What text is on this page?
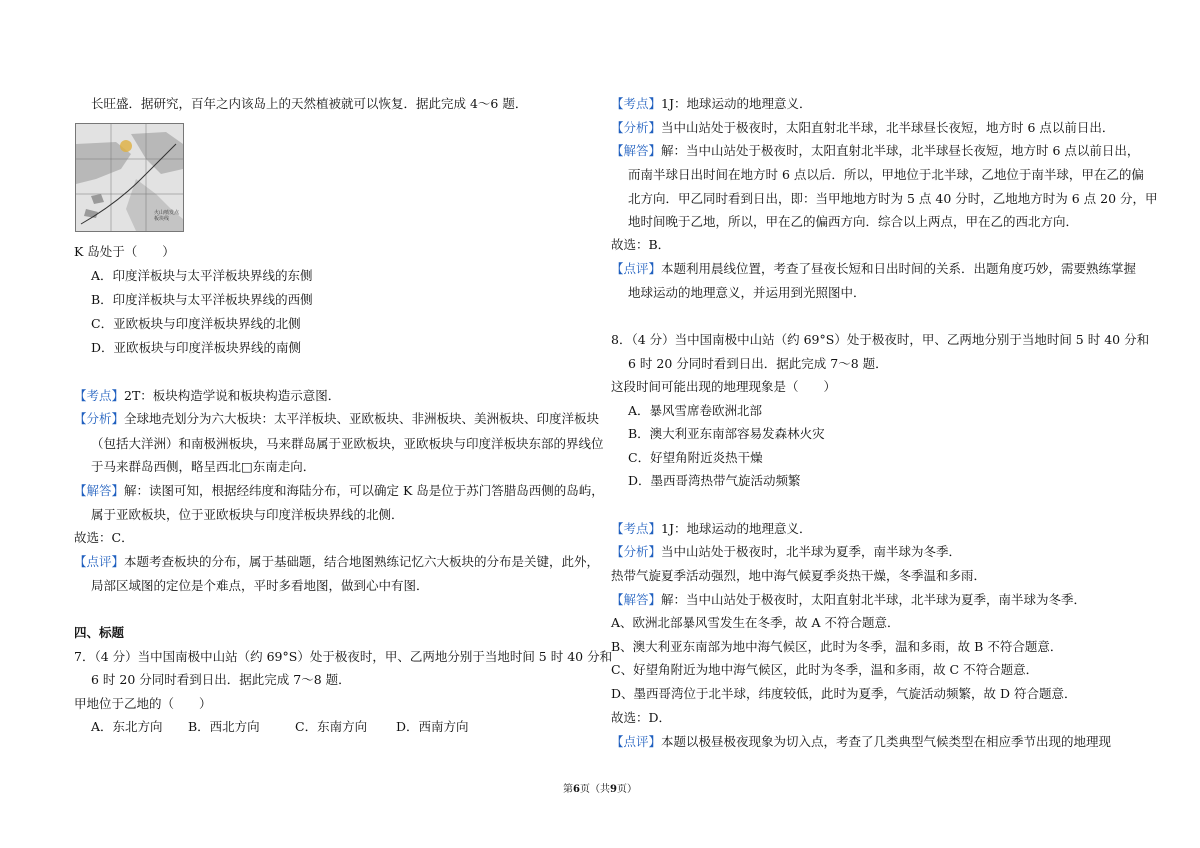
长旺盛．据研究，百年之内该岛上的天然植被就可以恢复．据此完成 4～6 题．
火山喷发点
板块线
K 岛处于（　　）
A．印度洋板块与太平洋板块界线的东侧
B．印度洋板块与太平洋板块界线的西侧
C．亚欧板块与印度洋板块界线的北侧
D．亚欧板块与印度洋板块界线的南侧
【考点】2T：板块构造学说和板块构造示意图．
【分析】全球地壳划分为六大板块：太平洋板块、亚欧板块、非洲板块、美洲板块、印度洋板块
（包括大洋洲）和南极洲板块，马来群岛属于亚欧板块，亚欧板块与印度洋板块东部的界线位
于马来群岛西侧，略呈西北□东南走向．
【解答】解：读图可知，根据经纬度和海陆分布，可以确定 K 岛是位于苏门答腊岛西侧的岛屿，
属于亚欧板块，位于亚欧板块与印度洋板块界线的北侧．
故选：C．
【点评】本题考查板块的分布，属于基础题，结合地图熟练记忆六大板块的分布是关键，此外，
局部区域图的定位是个难点，平时多看地图，做到心中有图．
四、标题
7．（4 分）当中国南极中山站（约 69°S）处于极夜时，甲、乙两地分别于当地时间 5 时 40 分和
6 时 20 分同时看到日出．据此完成 7～8 题．
甲地位于乙地的（　　）
A．东北方向 B．西北方向	C．东南方向 D．西南方向
【考点】1J：地球运动的地理意义．
【分析】当中山站处于极夜时，太阳直射北半球，北半球昼长夜短，地方时 6 点以前日出．
【解答】解：当中山站处于极夜时，太阳直射北半球，北半球昼长夜短，地方时 6 点以前日出，
而南半球日出时间在地方时 6 点以后．所以，甲地位于北半球，乙地位于南半球，甲在乙的偏
北方向．甲乙同时看到日出，即：当甲地地方时为 5 点 40 分时，乙地地方时为 6 点 20 分，甲
地时间晚于乙地，所以，甲在乙的偏西方向．综合以上两点，甲在乙的西北方向．
故选：B．
【点评】本题利用晨线位置，考查了昼夜长短和日出时间的关系．出题角度巧妙，需要熟练掌握
地球运动的地理意义，并运用到光照图中．
8．（4 分）当中国南极中山站（约 69°S）处于极夜时，甲、乙两地分别于当地时间 5 时 40 分和
6 时 20 分同时看到日出．据此完成 7～8 题．
这段时间可能出现的地理现象是（　　）
A．暴风雪席卷欧洲北部
B．澳大利亚东南部容易发森林火灾
C．好望角附近炎热干燥
D．墨西哥湾热带气旋活动频繁
【考点】1J：地球运动的地理意义．
【分析】当中山站处于极夜时，北半球为夏季，南半球为冬季．
热带气旋夏季活动强烈，地中海气候夏季炎热干燥，冬季温和多雨．
【解答】解：当中山站处于极夜时，太阳直射北半球，北半球为夏季，南半球为冬季．
A、欧洲北部暴风雪发生在冬季，故 A 不符合题意．
B、澳大利亚东南部为地中海气候区，此时为冬季，温和多雨，故 B 不符合题意．
C、好望角附近为地中海气候区，此时为冬季，温和多雨，故 C 不符合题意．
D、墨西哥湾位于北半球，纬度较低，此时为夏季，气旋活动频繁，故 D 符合题意．
故选：D．
【点评】本题以极昼极夜现象为切入点，考查了几类典型气候类型在相应季节出现的地理现
第6页（共9页）
